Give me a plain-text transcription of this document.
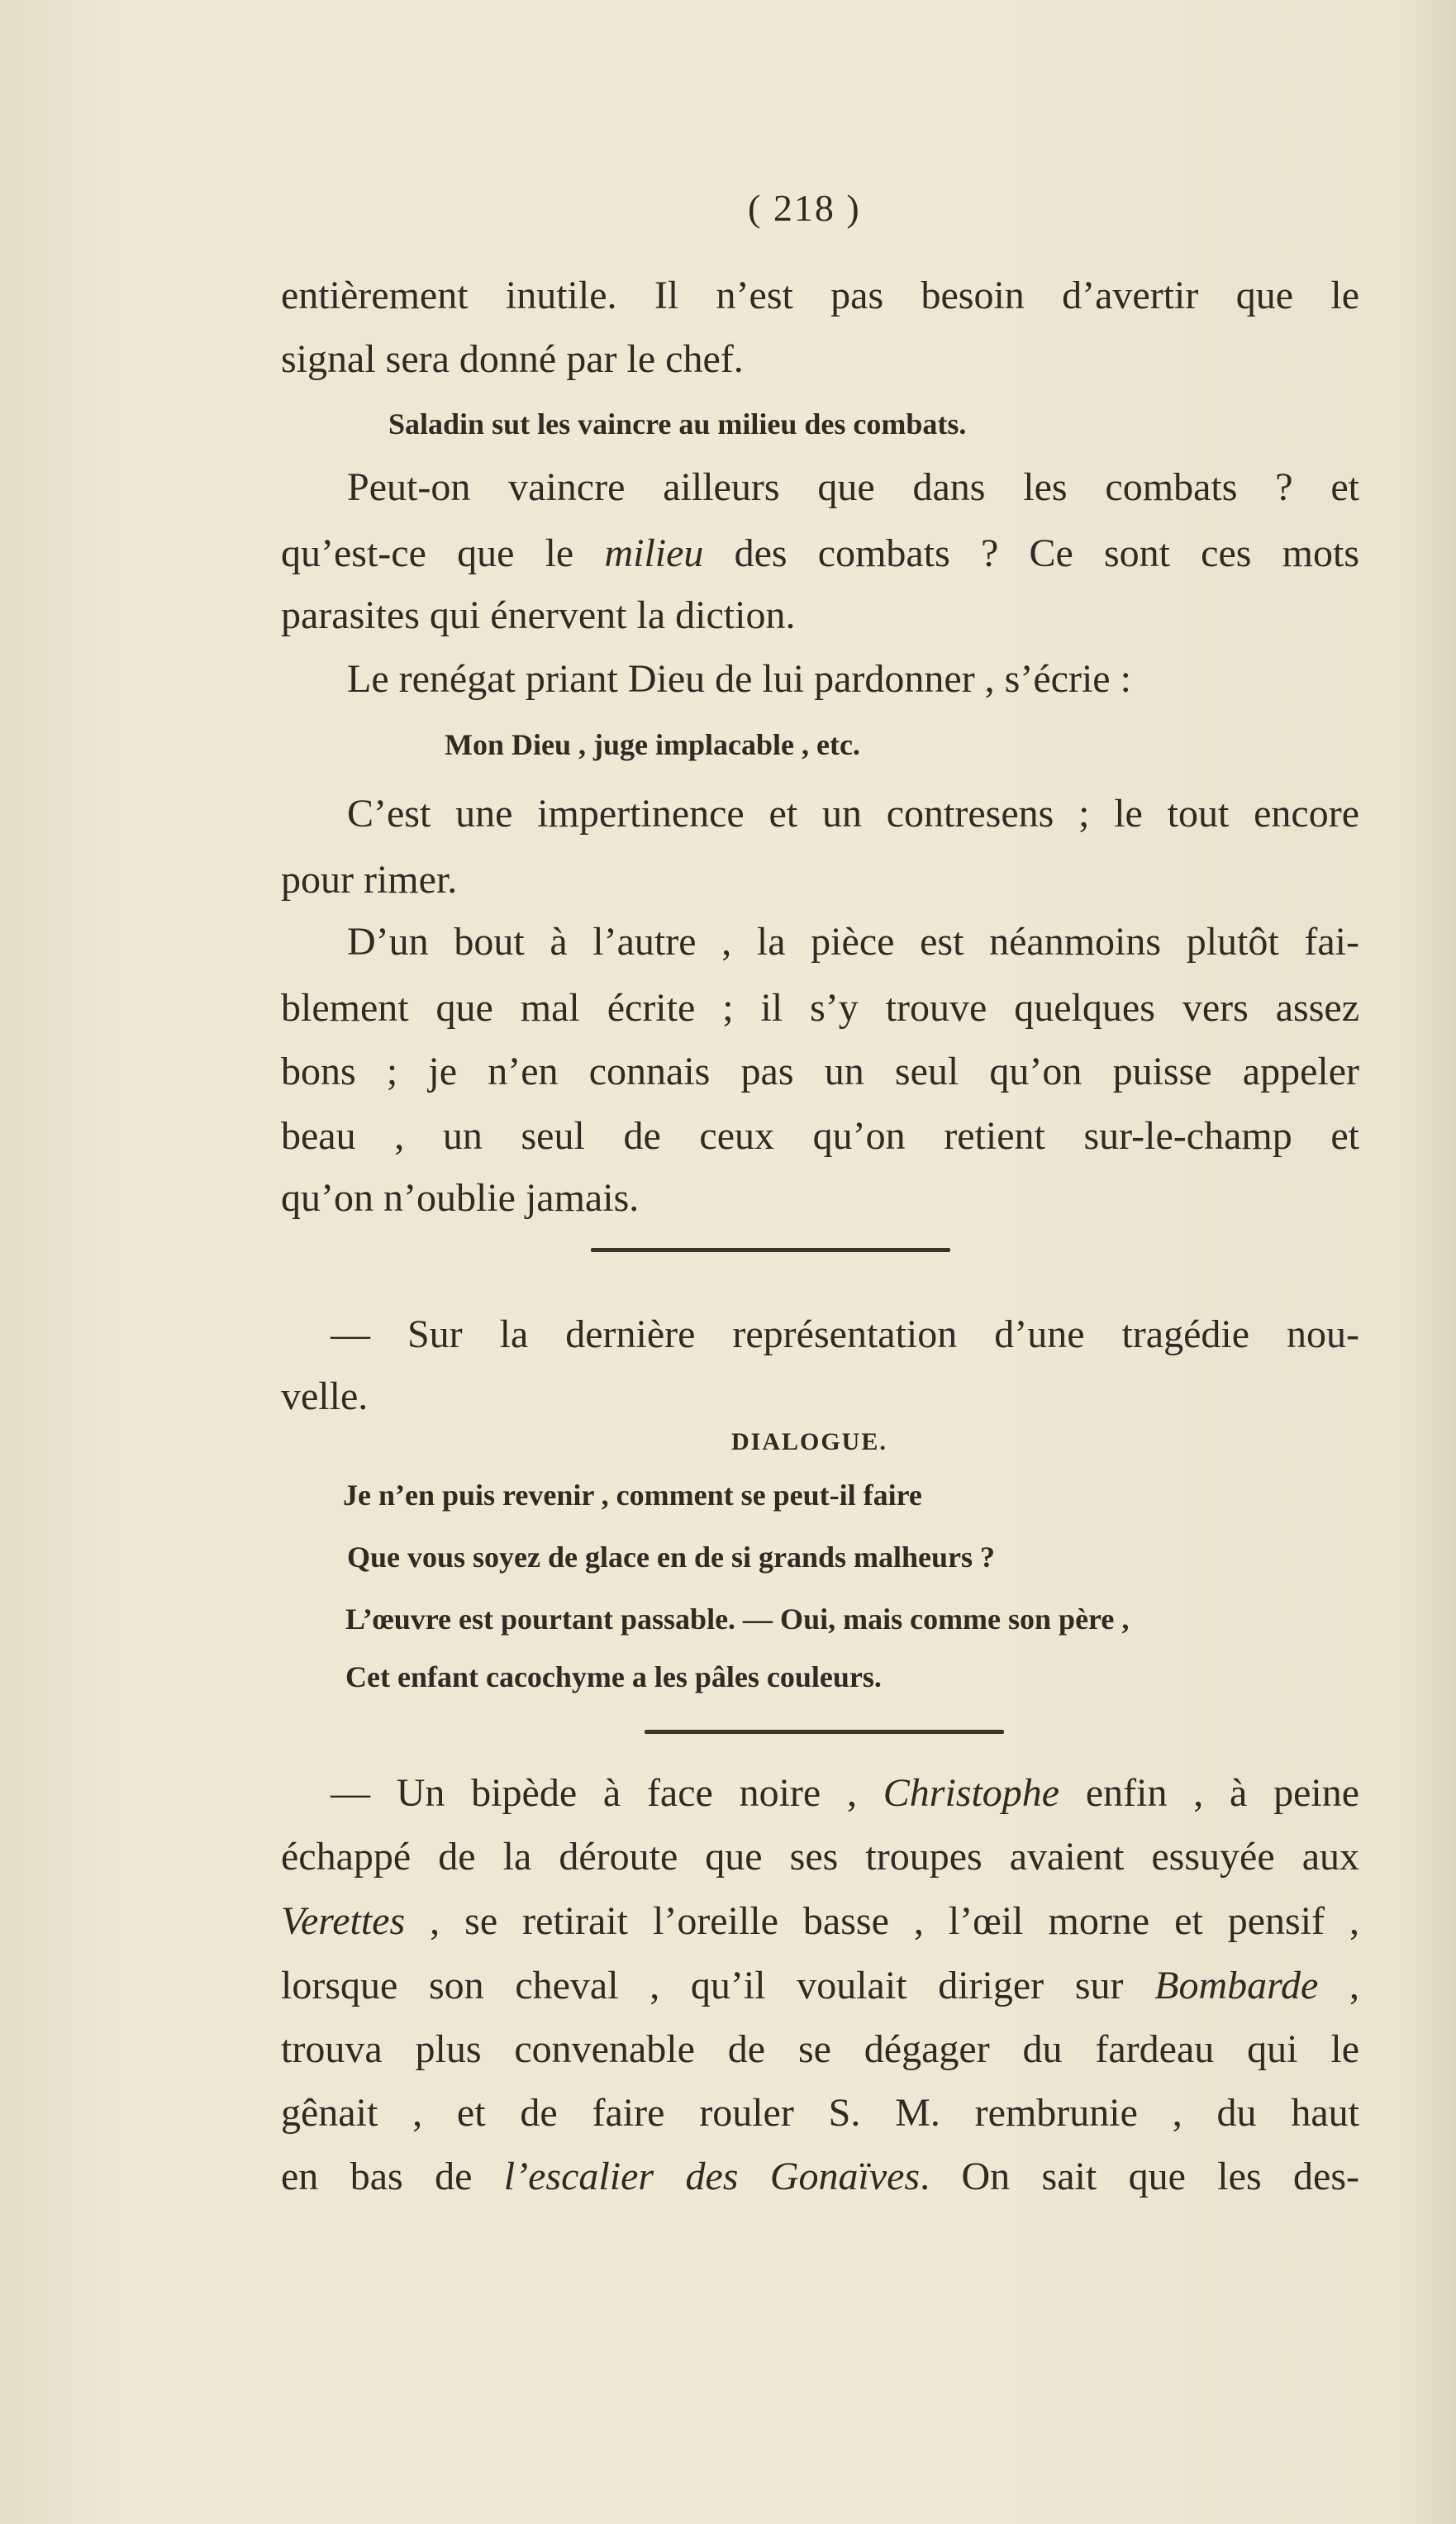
( 218 )
entièrement inutile. Il n’est pas besoin d’avertir que le
signal sera donné par le chef.
Saladin sut les vaincre au milieu des combats.
Peut-on vaincre ailleurs que dans les combats ? et
qu’est-ce que le milieu des combats ? Ce sont ces mots
parasites qui énervent la diction.
Le renégat priant Dieu de lui pardonner , s’écrie :
Mon Dieu , juge implacable , etc.
C’est une impertinence et un contresens ; le tout encore
pour rimer.
D’un bout à l’autre , la pièce est néanmoins plutôt fai-
blement que mal écrite ; il s’y trouve quelques vers assez
bons ; je n’en connais pas un seul qu’on puisse appeler
beau , un seul de ceux qu’on retient sur-le-champ et
qu’on n’oublie jamais.
— Sur la dernière représentation d’une tragédie nou-
velle.
DIALOGUE.
Je n’en puis revenir , comment se peut-il faire
Que vous soyez de glace en de si grands malheurs ?
L’œuvre est pourtant passable. — Oui, mais comme son père ,
Cet enfant cacochyme a les pâles couleurs.
— Un bipède à face noire , Christophe enfin , à peine
échappé de la déroute que ses troupes avaient essuyée aux
Verettes , se retirait l’oreille basse , l’œil morne et pensif ,
lorsque son cheval , qu’il voulait diriger sur Bombarde ,
trouva plus convenable de se dégager du fardeau qui le
gênait , et de faire rouler S. M. rembrunie , du haut
en bas de l’escalier des Gonaïves. On sait que les des-
